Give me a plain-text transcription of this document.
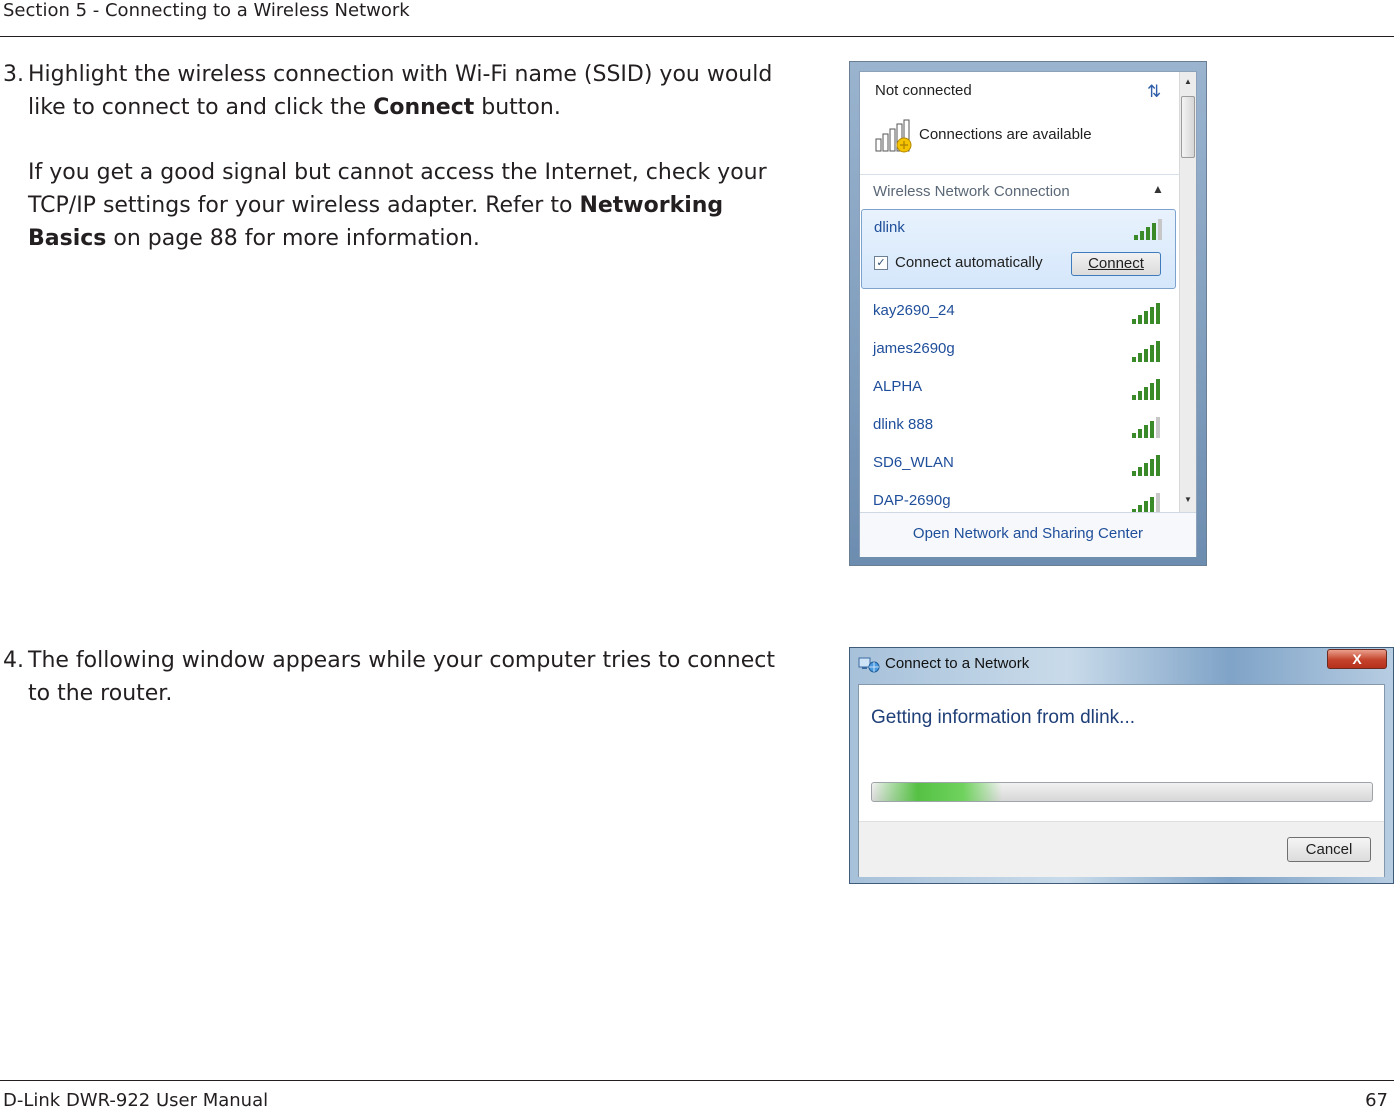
Section 5 - Connecting to a Wireless Network
3. Highlight the wireless connection with Wi-Fi name (SSID) you would like to connect to and click the Connect button.

If you get a good signal but cannot access the Internet, check your TCP/IP settings for your wireless adapter. Refer to Networking Basics on page 88 for more information.

Not connected	⇅
Connections are available
Wireless Network Connection	▲
dlink
✓ Connect automatically	Connect
kay2690_24
james2690g
ALPHA
dlink 888
SD6_WLAN
DAP-2690g
▲
▼
Open Network and Sharing Center
4. The following window appears while your computer tries to connect to the router.

Connect to a Network	X
Getting information from dlink...
Cancel
D-Link DWR-922 User Manual	67
